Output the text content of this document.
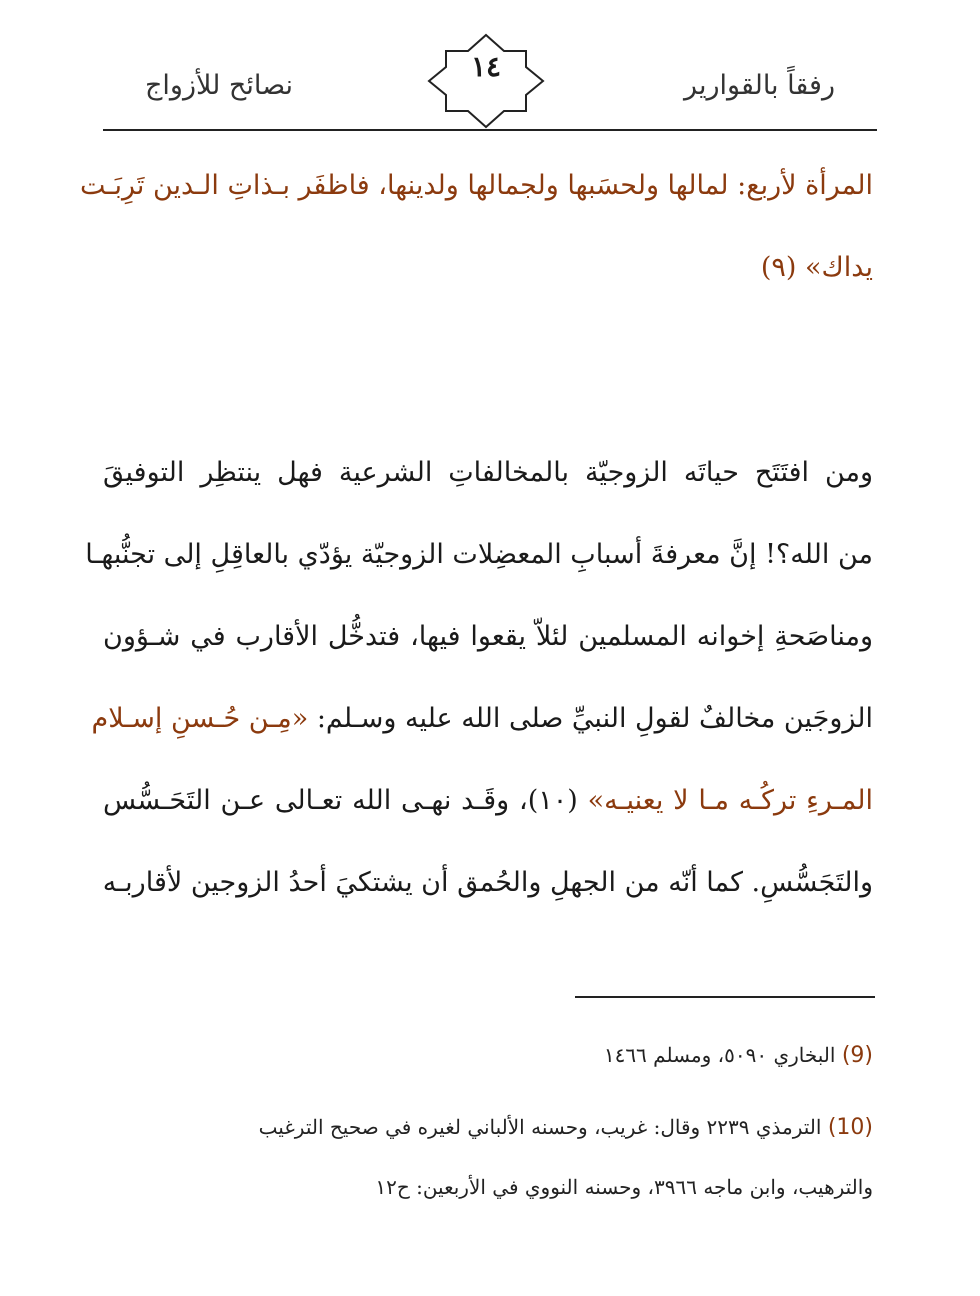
رفقاً بالقوارير
نصائح للأزواج
١٤
المرأة لأربع: لمالها ولحسَبها ولجمالها ولدينها، فاظفَر بـذاتِ الـدين تَرِبَـت
يداك» (٩)
ومن افتَتَح حياتَه الزوجيّة بالمخالفاتِ الشرعية فهل ينتظِر التوفيقَ
من الله؟! إنَّ معرفةَ أسبابِ المعضِلات الزوجيّة يؤدّي بالعاقِلِ إلى تجنُّبهـا
ومناصَحةِ إخوانه المسلمين لئلاّ يقعوا فيها، فتدخُّل الأقارب في شـؤون
الزوجَين مخالفٌ لقولِ النبيِّ صلى الله عليه وسـلم: «مِـن حُـسنِ إسـلام
المـرءِ تركُـه مـا لا يعنيـه» (١٠)، وقَـد نهـى الله تعـالى عـن التَحَـسُّس
والتَجَسُّسِ. كما أنّه من الجهلِ والحُمق أن يشتكيَ أحدُ الزوجين لأقاربـه
(9) البخاري ٥٠٩٠، ومسلم ١٤٦٦
(10) الترمذي ٢٢٣٩ وقال: غريب، وحسنه الألباني لغيره في صحيح الترغيب
والترهيب، وابن ماجه ٣٩٦٦، وحسنه النووي في الأربعين: ح١٢
